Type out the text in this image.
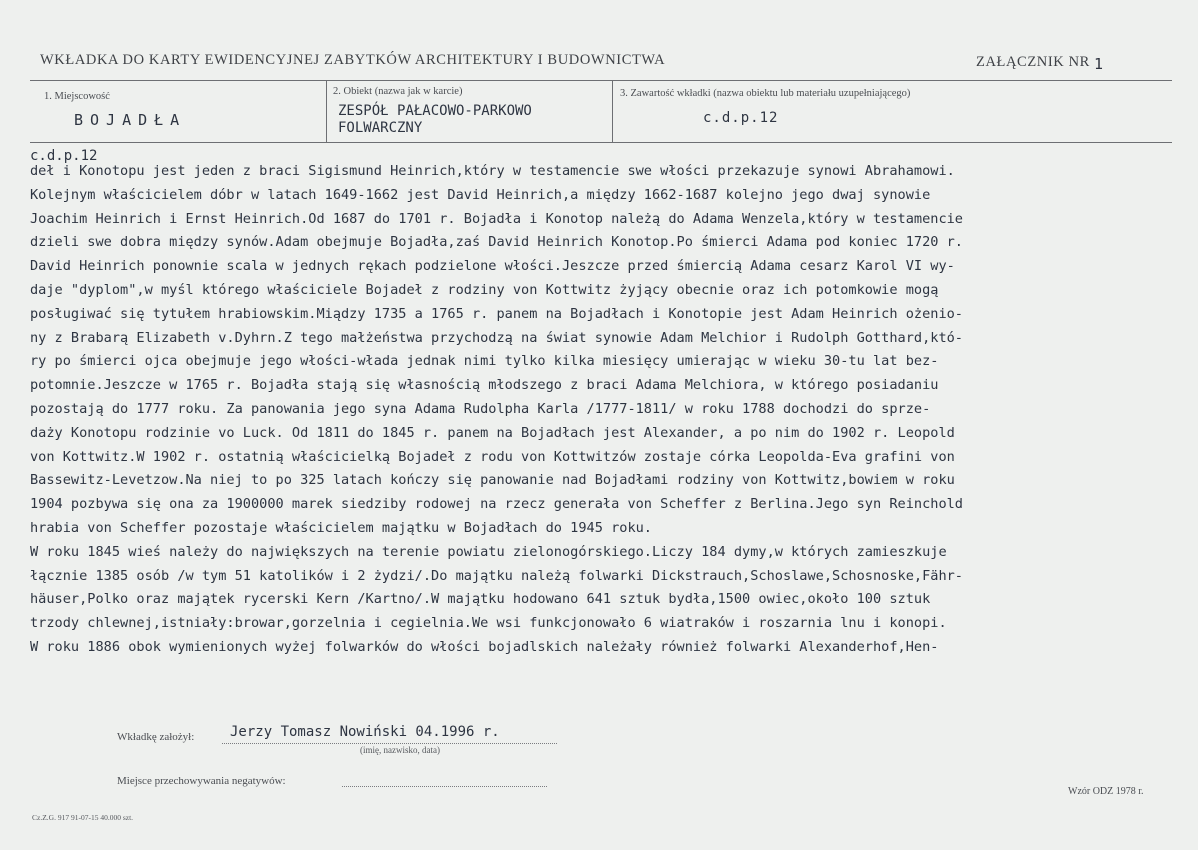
WKŁADKA DO KARTY EWIDENCYJNEJ ZABYTKÓW ARCHITEKTURY I BUDOWNICTWA	ZAŁĄCZNIK NR 1
1. Miejscowość
BOJADŁA
2. Obiekt (nazwa jak w karcie)
ZESPÓŁ PAŁACOWO-PARKOWO
FOLWARCZNY
3. Zawartość wkładki (nazwa obiektu lub materiału uzupełniającego)
c.d.p.12
c.d.p.12
deł i Konotopu jest jeden z braci Sigismund Heinrich,który w testamencie swe włości przekazuje synowi Abrahamowi.
Kolejnym właścicielem dóbr w latach 1649-1662 jest David Heinrich,a między 1662-1687 kolejno jego dwaj synowie
Joachim Heinrich i Ernst Heinrich.Od 1687 do 1701 r. Bojadła i Konotop należą do Adama Wenzela,który w testamencie
dzieli swe dobra między synów.Adam obejmuje Bojadła,zaś David Heinrich Konotop.Po śmierci Adama pod koniec 1720 r.
David Heinrich ponownie scala w jednych rękach podzielone włości.Jeszcze przed śmiercią Adama cesarz Karol VI wy-
daje "dyplom",w myśl którego właściciele Bojadeł z rodziny von Kottwitz żyjący obecnie oraz ich potomkowie mogą
posługiwać się tytułem hrabiowskim.Miądzy 1735 a 1765 r. panem na Bojadłach i Konotopie jest Adam Heinrich ożenio-
ny z Brabarą Elizabeth v.Dyhrn.Z tego małżeństwa przychodzą na świat synowie Adam Melchior i Rudolph Gotthard,któ-
ry po śmierci ojca obejmuje jego włości-włada jednak nimi tylko kilka miesięcy umierając w wieku 30-tu lat bez-
potomnie.Jeszcze w 1765 r. Bojadła stają się własnością młodszego z braci Adama Melchiora, w którego posiadaniu
pozostają do 1777 roku. Za panowania jego syna Adama Rudolpha Karla /1777-1811/ w roku 1788 dochodzi do sprze-
daży Konotopu rodzinie vo Luck. Od 1811 do 1845 r. panem na Bojadłach jest Alexander, a po nim do 1902 r. Leopold
von Kottwitz.W 1902 r. ostatnią właścicielką Bojadeł z rodu von Kottwitzów zostaje córka Leopolda-Eva grafini von
Bassewitz-Levetzow.Na niej to po 325 latach kończy się panowanie nad Bojadłami rodziny von Kottwitz,bowiem w roku
1904 pozbywa się ona za 1900000 marek siedziby rodowej na rzecz generała von Scheffer z Berlina.Jego syn Reinchold
hrabia von Scheffer pozostaje właścicielem majątku w Bojadłach do 1945 roku.
W roku 1845 wieś należy do największych na terenie powiatu zielonogórskiego.Liczy 184 dymy,w których zamieszkuje
łącznie 1385 osób /w tym 51 katolików i 2 żydzi/.Do majątku należą folwarki Dickstrauch,Schoslawe,Schosnoske,Fähr-
häuser,Polko oraz majątek rycerski Kern /Kartno/.W majątku hodowano 641 sztuk bydła,1500 owiec,około 100 sztuk
trzody chlewnej,istniały:browar,gorzelnia i cegielnia.We wsi funkcjonowało 6 wiatraków i roszarnia lnu i konopi.
W roku 1886 obok wymienionych wyżej folwarków do włości bojadlskich należały również folwarki Alexanderhof,Hen-
Wkładkę założył:	Jerzy Tomasz Nowiński 04.1996 r.
(imię, nazwisko, data)
Miejsce przechowywania negatywów:
Cz.Z.G. 917 91-07-15 40.000 szt.
Wzór ODZ 1978 r.
